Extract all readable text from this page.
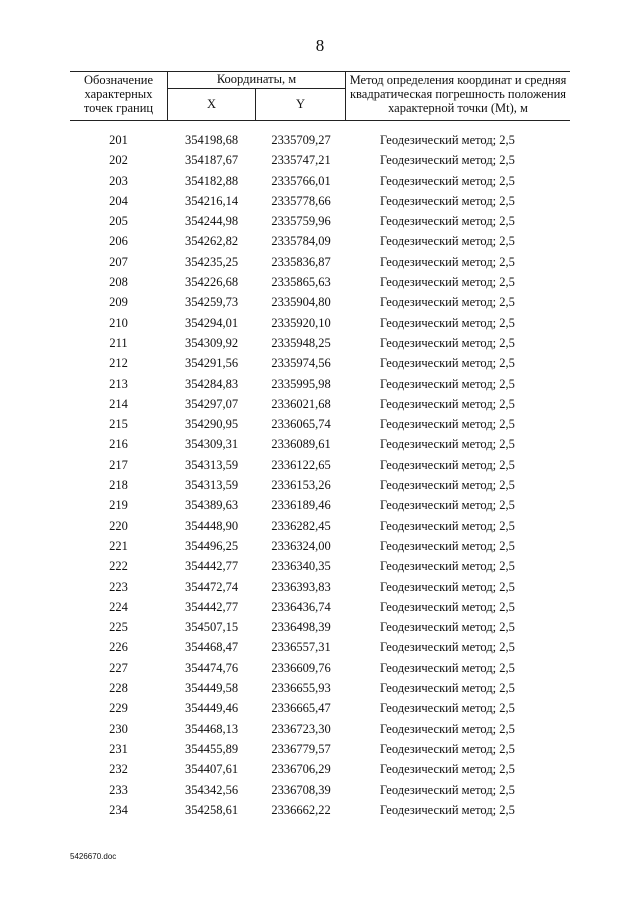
8
Обозначение характерных точек границ
Координаты, м
X	Y
Метод определения координат и средняя квадратическая погрешность положения характерной точки (Mt), м
201	354198,68	2335709,27	Геодезический метод; 2,5
202	354187,67	2335747,21	Геодезический метод; 2,5
203	354182,88	2335766,01	Геодезический метод; 2,5
204	354216,14	2335778,66	Геодезический метод; 2,5
205	354244,98	2335759,96	Геодезический метод; 2,5
206	354262,82	2335784,09	Геодезический метод; 2,5
207	354235,25	2335836,87	Геодезический метод; 2,5
208	354226,68	2335865,63	Геодезический метод; 2,5
209	354259,73	2335904,80	Геодезический метод; 2,5
210	354294,01	2335920,10	Геодезический метод; 2,5
211	354309,92	2335948,25	Геодезический метод; 2,5
212	354291,56	2335974,56	Геодезический метод; 2,5
213	354284,83	2335995,98	Геодезический метод; 2,5
214	354297,07	2336021,68	Геодезический метод; 2,5
215	354290,95	2336065,74	Геодезический метод; 2,5
216	354309,31	2336089,61	Геодезический метод; 2,5
217	354313,59	2336122,65	Геодезический метод; 2,5
218	354313,59	2336153,26	Геодезический метод; 2,5
219	354389,63	2336189,46	Геодезический метод; 2,5
220	354448,90	2336282,45	Геодезический метод; 2,5
221	354496,25	2336324,00	Геодезический метод; 2,5
222	354442,77	2336340,35	Геодезический метод; 2,5
223	354472,74	2336393,83	Геодезический метод; 2,5
224	354442,77	2336436,74	Геодезический метод; 2,5
225	354507,15	2336498,39	Геодезический метод; 2,5
226	354468,47	2336557,31	Геодезический метод; 2,5
227	354474,76	2336609,76	Геодезический метод; 2,5
228	354449,58	2336655,93	Геодезический метод; 2,5
229	354449,46	2336665,47	Геодезический метод; 2,5
230	354468,13	2336723,30	Геодезический метод; 2,5
231	354455,89	2336779,57	Геодезический метод; 2,5
232	354407,61	2336706,29	Геодезический метод; 2,5
233	354342,56	2336708,39	Геодезический метод; 2,5
234	354258,61	2336662,22	Геодезический метод; 2,5
5426670.doc
